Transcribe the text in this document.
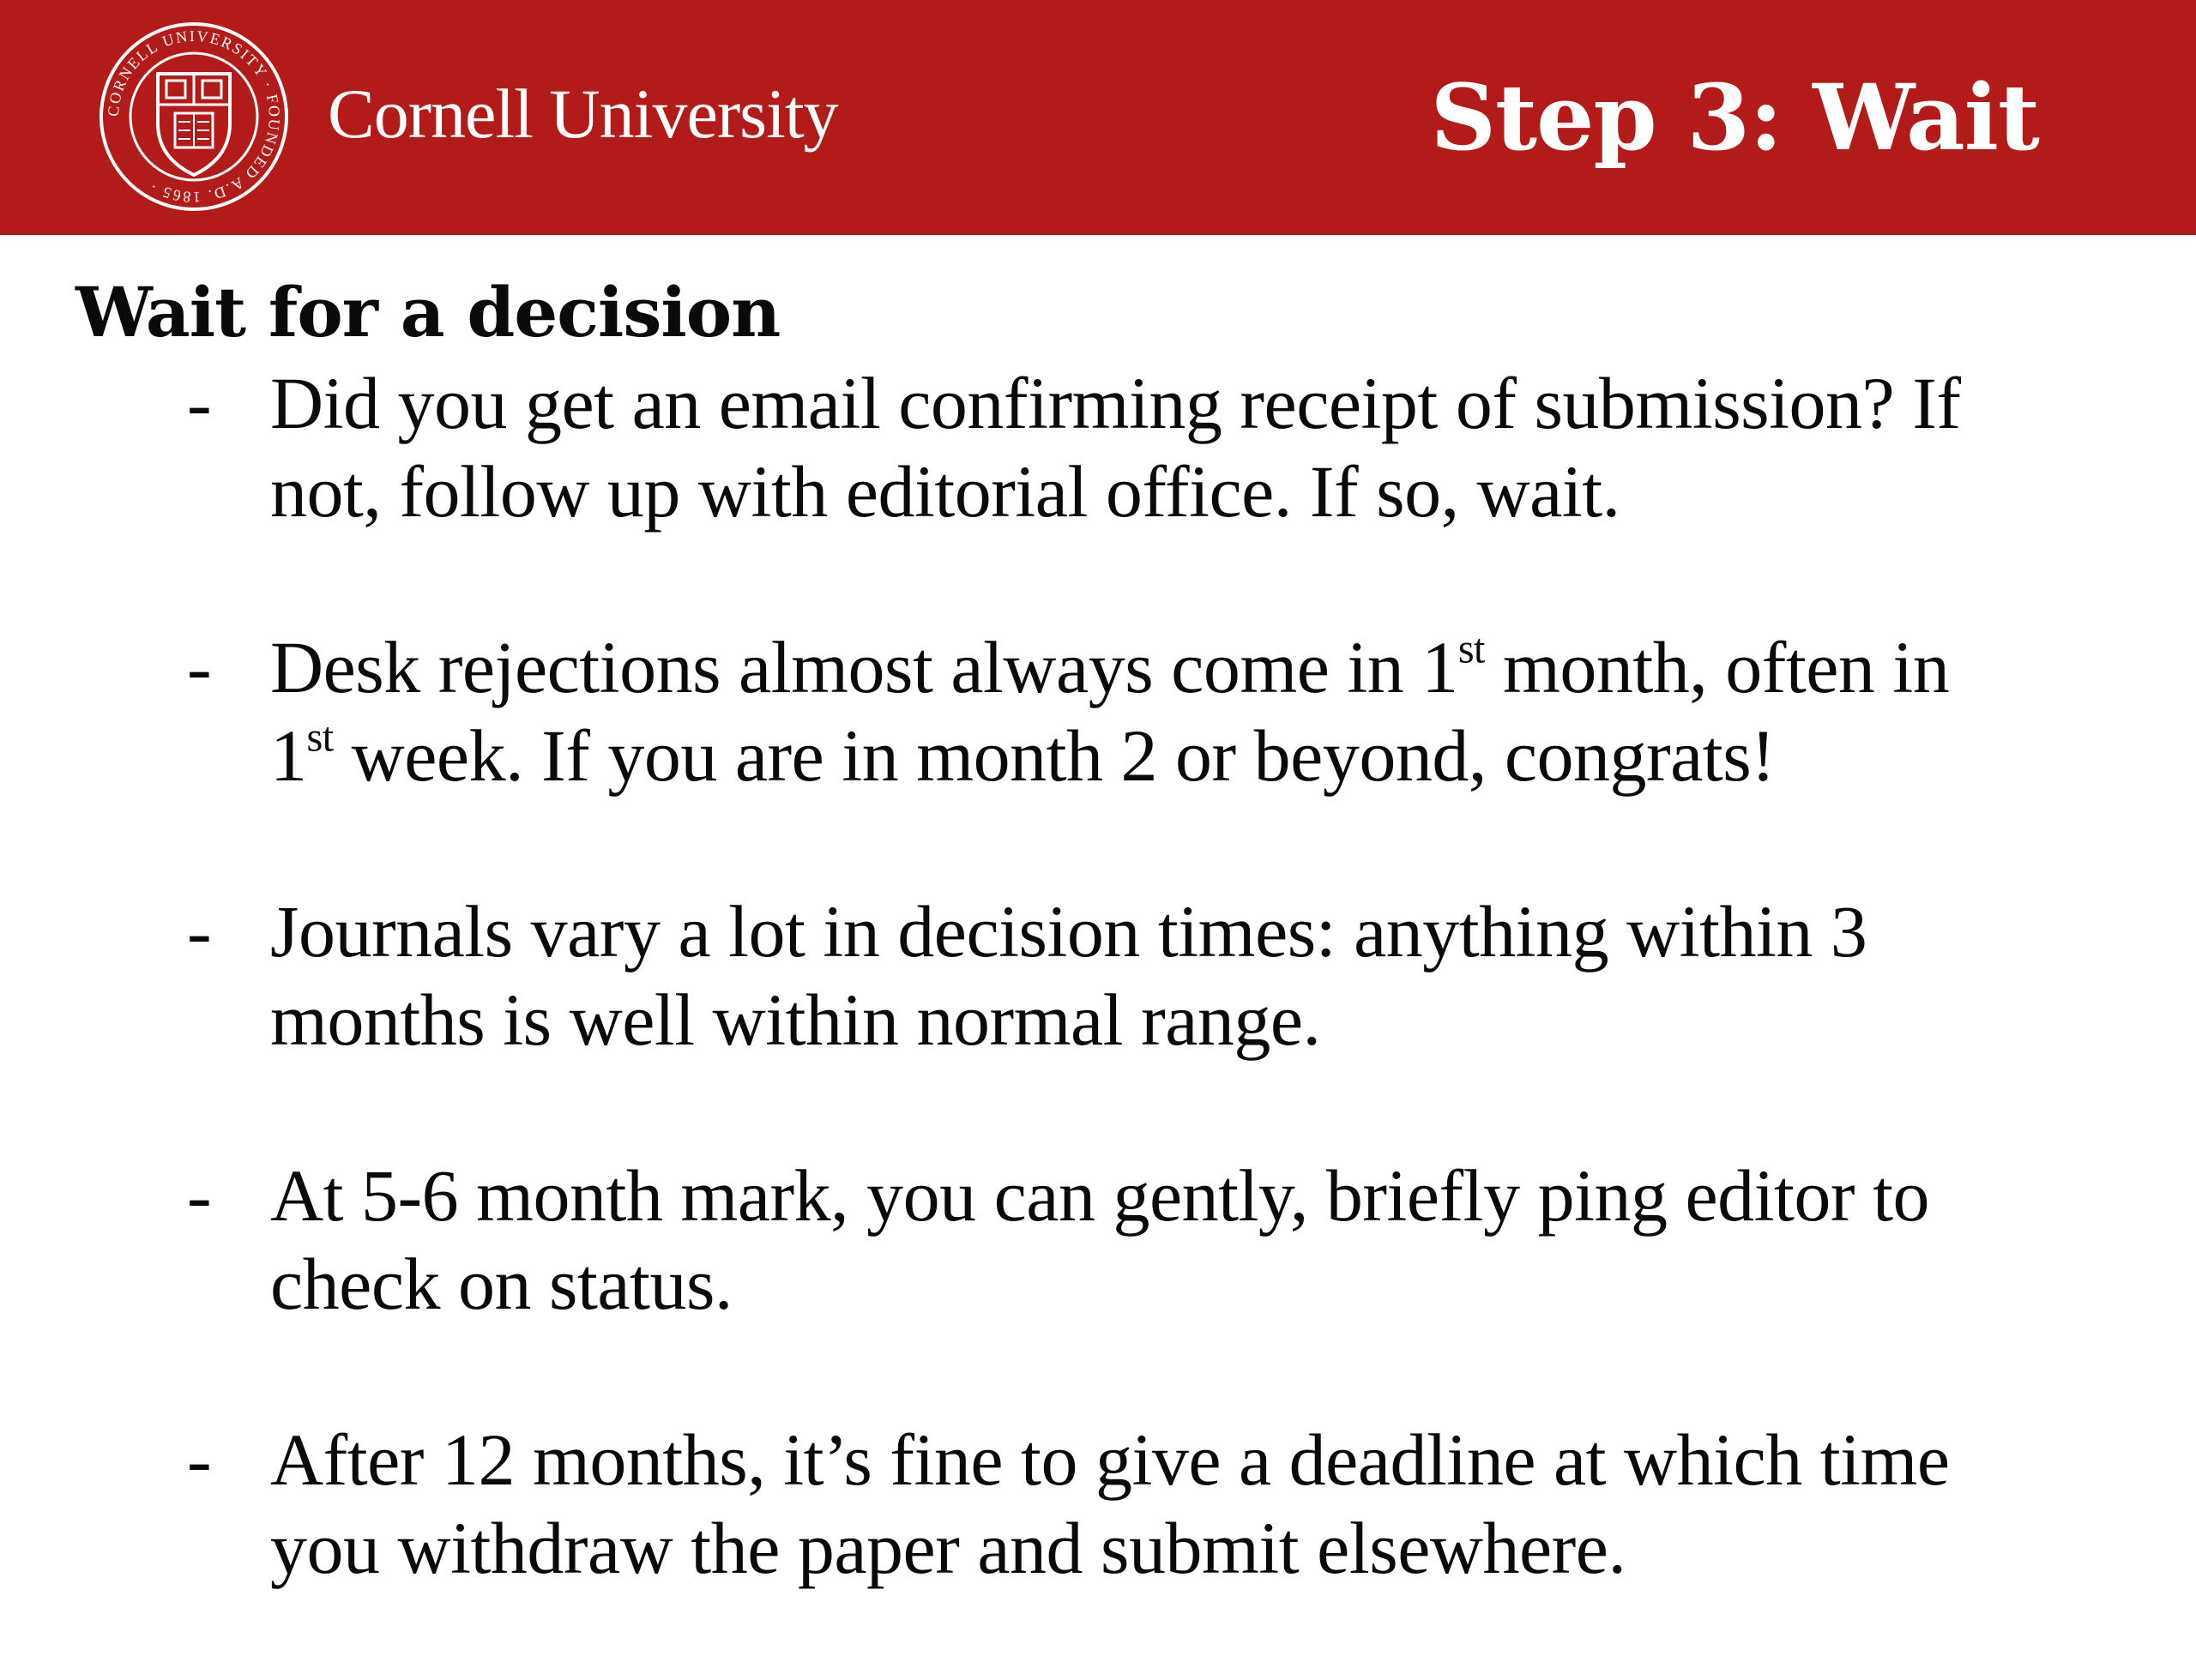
CORNELL UNIVERSITY · FOUNDED A.D. 1865 ·
Cornell University	Step 3: Wait
Wait for a decision
- Did you get an email confirming receipt of submission? If
not, follow up with editorial office. If so, wait.
- Desk rejections almost always come in 1st month, often in
1st week. If you are in month 2 or beyond, congrats!
- Journals vary a lot in decision times: anything within 3
months is well within normal range.
- At 5-6 month mark, you can gently, briefly ping editor to
check on status.
- After 12 months, it’s fine to give a deadline at which time
you withdraw the paper and submit elsewhere.
